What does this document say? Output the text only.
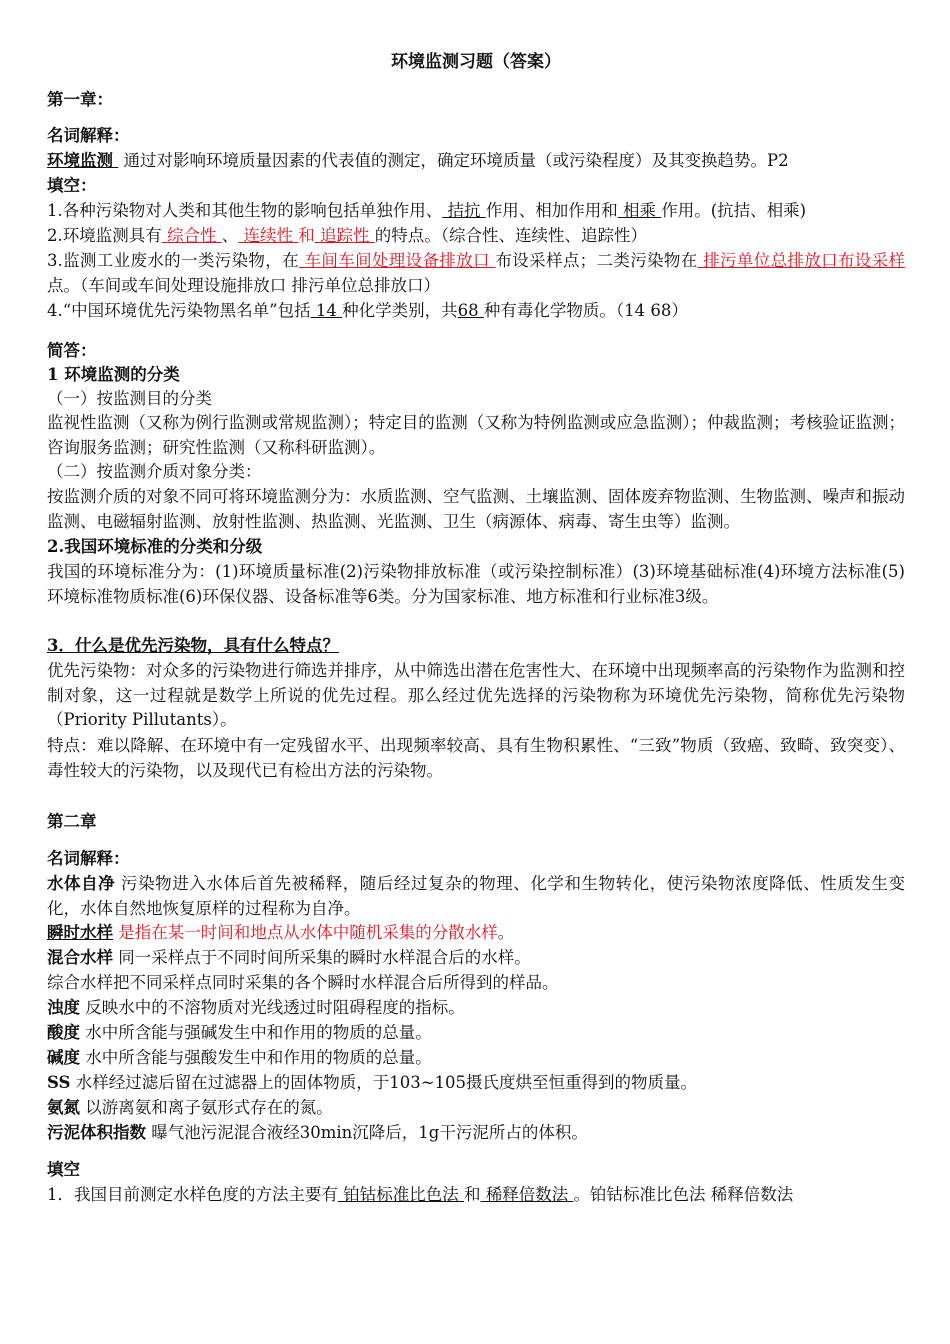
环境监测习题（答案）
第一章：
名词解释：

环境监测  通过对影响环境质量因素的代表值的测定，确定环境质量（或污染程度）及其变换趋势。P2

填空：

1.各种污染物对人类和其他生物的影响包括单独作用、 拮抗 作用、相加作用和 相乘 作用。(抗拮、相乘)

2.环境监测具有 综合性 、 连续性 和 追踪性 的特点。（综合性、连续性、追踪性）

3.监测工业废水的一类污染物，在 车间车间处理设备排放口 布设采样点；二类污染物在 排污单位总排放口布设采样点。（车间或车间处理设施排放口 排污单位总排放口）

4.“中国环境优先污染物黑名单”包括 14 种化学类别，共68 种有毒化学物质。（14 68）

简答：
1 环境监测的分类
（一）按监测目的分类

监视性监测（又称为例行监测或常规监测）；特定目的监测（又称为特例监测或应急监测）；仲裁监测；考核验证监测；咨询服务监测；研究性监测（又称科研监测）。

（二）按监测介质对象分类：

按监测介质的对象不同可将环境监测分为：水质监测、空气监测、土壤监测、固体废弃物监测、生物监测、噪声和振动监测、电磁辐射监测、放射性监测、热监测、光监测、卫生（病源体、病毒、寄生虫等）监测。

2.我国环境标准的分类和分级

我国的环境标准分为：(1)环境质量标准(2)污染物排放标准（或污染控制标准）(3)环境基础标准(4)环境方法标准(5)环境标准物质标准(6)环保仪器、设备标准等6类。分为国家标准、地方标准和行业标准3级。

3．什么是优先污染物，具有什么特点？

优先污染物：对众多的污染物进行筛选并排序，从中筛选出潜在危害性大、在环境中出现频率高的污染物作为监测和控制对象，这一过程就是数学上所说的优先过程。那么经过优先选择的污染物称为环境优先污染物，简称优先污染物（Priority Pillutants）。

特点：难以降解、在环境中有一定残留水平、出现频率较高、具有生物积累性、“三致”物质（致癌、致畸、致突变）、毒性较大的污染物，以及现代已有检出方法的污染物。

第二章
名词解释：

水体自净 污染物进入水体后首先被稀释，随后经过复杂的物理、化学和生物转化，使污染物浓度降低、性质发生变化，水体自然地恢复原样的过程称为自净。

瞬时水样 是指在某一时间和地点从水体中随机采集的分散水样。

混合水样 同一采样点于不同时间所采集的瞬时水样混合后的水样。

综合水样把不同采样点同时采集的各个瞬时水样混合后所得到的样品。

浊度 反映水中的不溶物质对光线透过时阻碍程度的指标。

酸度 水中所含能与强碱发生中和作用的物质的总量。

碱度 水中所含能与强酸发生中和作用的物质的总量。

SS 水样经过滤后留在过滤器上的固体物质，于103~105摄氏度烘至恒重得到的物质量。

氨氮 以游离氨和离子氨形式存在的氮。

污泥体积指数 曝气池污泥混合液经30min沉降后，1g干污泥所占的体积。

填空

1．我国目前测定水样色度的方法主要有 铂钴标准比色法 和 稀释倍数法 。铂钴标准比色法 稀释倍数法
